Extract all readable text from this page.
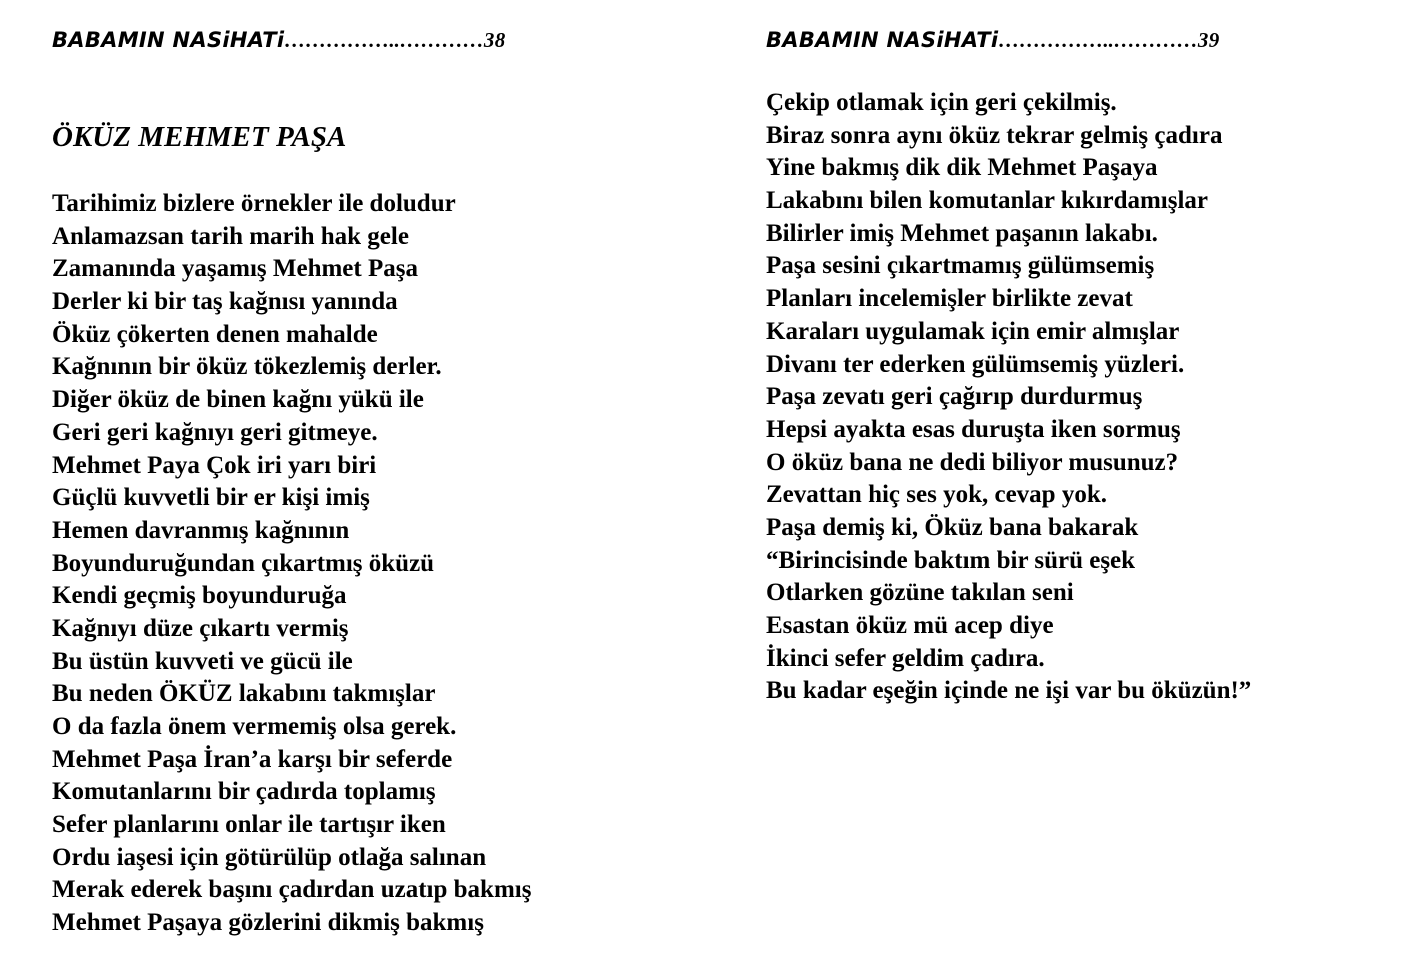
BABAMIN NASiHATi……………..…………38
ÖKÜZ MEHMET PAŞA
Tarihimiz bizlere örnekler ile doludur
Anlamazsan tarih marih hak gele
Zamanında yaşamış Mehmet Paşa
Derler ki bir taş kağnısı yanında
Öküz çökerten denen mahalde
Kağnının bir öküz tökezlemiş derler.
Diğer öküz de binen kağnı yükü ile
Geri geri kağnıyı geri gitmeye.
Mehmet Paya Çok iri yarı biri
Güçlü kuvvetli bir er kişi imiş
Hemen davranmış kağnının
Boyunduruğundan çıkartmış öküzü
Kendi geçmiş boyunduruğa
Kağnıyı düze çıkartı vermiş
Bu üstün kuvveti ve gücü ile
Bu neden ÖKÜZ lakabını takmışlar
O da fazla önem vermemiş olsa gerek.
Mehmet Paşa İran’a karşı bir seferde
Komutanlarını bir çadırda toplamış
Sefer planlarını onlar ile tartışır iken
Ordu iaşesi için götürülüp otlağa salınan
Merak ederek başını çadırdan uzatıp bakmış
Mehmet Paşaya gözlerini dikmiş bakmış
BABAMIN NASiHATi……………..…………39
Çekip otlamak için geri çekilmiş.
Biraz sonra aynı öküz tekrar gelmiş çadıra
Yine bakmış dik dik Mehmet Paşaya
Lakabını bilen komutanlar kıkırdamışlar
Bilirler imiş Mehmet paşanın lakabı.
Paşa sesini çıkartmamış gülümsemiş
Planları incelemişler birlikte zevat
Karaları uygulamak için emir almışlar
Divanı ter ederken gülümsemiş yüzleri.
Paşa zevatı geri çağırıp durdurmuş
Hepsi ayakta esas duruşta iken sormuş
O öküz bana ne dedi biliyor musunuz?
Zevattan hiç ses yok, cevap yok.
Paşa demiş ki, Öküz bana bakarak
“Birincisinde baktım bir sürü eşek
Otlarken gözüne takılan seni
Esastan öküz mü acep diye
İkinci sefer geldim çadıra.
Bu kadar eşeğin içinde ne işi var bu öküzün!”
